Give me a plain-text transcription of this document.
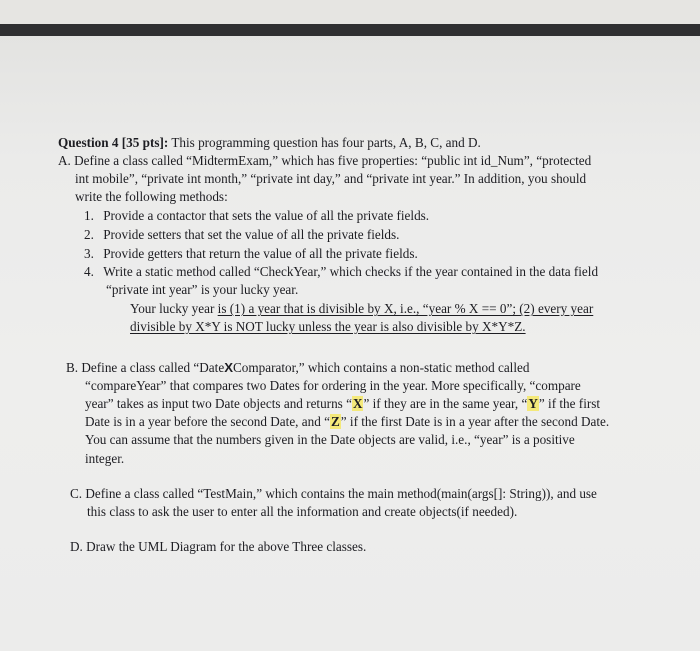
Question 4 [35 pts]: This programming question has four parts, A, B, C, and D.
A. Define a class called “MidtermExam,” which has five properties: “public int id_Num”, “protected
int mobile”, “private int month,” “private int day,” and “private int year.” In addition, you should
write the following methods:
1. Provide a contactor that sets the value of all the private fields.
2. Provide setters that set the value of all the private fields.
3. Provide getters that return the value of all the private fields.
4. Write a static method called “CheckYear,” which checks if the year contained in the data field
“private int year” is your lucky year.
Your lucky year is (1) a year that is divisible by X, i.e., “year % X == 0”; (2) every year
divisible by X*Y is NOT lucky unless the year is also divisible by X*Y*Z.
B. Define a class called “DateXComparator,” which contains a non-static method called
“compareYear” that compares two Dates for ordering in the year. More specifically, “compare
year” takes as input two Date objects and returns “X” if they are in the same year, “Y” if the first
Date is in a year before the second Date, and “Z” if the first Date is in a year after the second Date.
You can assume that the numbers given in the Date objects are valid, i.e., “year” is a positive
integer.
C. Define a class called “TestMain,” which contains the main method(main(args[]: String)), and use
this class to ask the user to enter all the information and create objects(if needed).
D. Draw the UML Diagram for the above Three classes.
